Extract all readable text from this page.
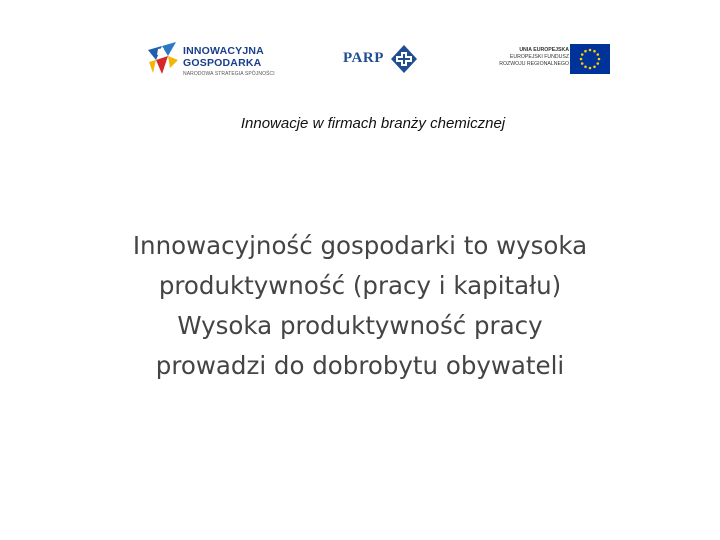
INNOWACYJNA
GOSPODARKA
NARODOWA STRATEGIA SPÓJNOŚCI
PARP	UNIA EUROPEJSKA
EUROPEJSKI FUNDUSZ
ROZWOJU REGIONALNEGO
Innowacje w firmach branży chemicznej
Innowacyjność gospodarki to wysoka
produktywność (pracy i kapitału)
Wysoka produktywność pracy
prowadzi do dobrobytu obywateli
